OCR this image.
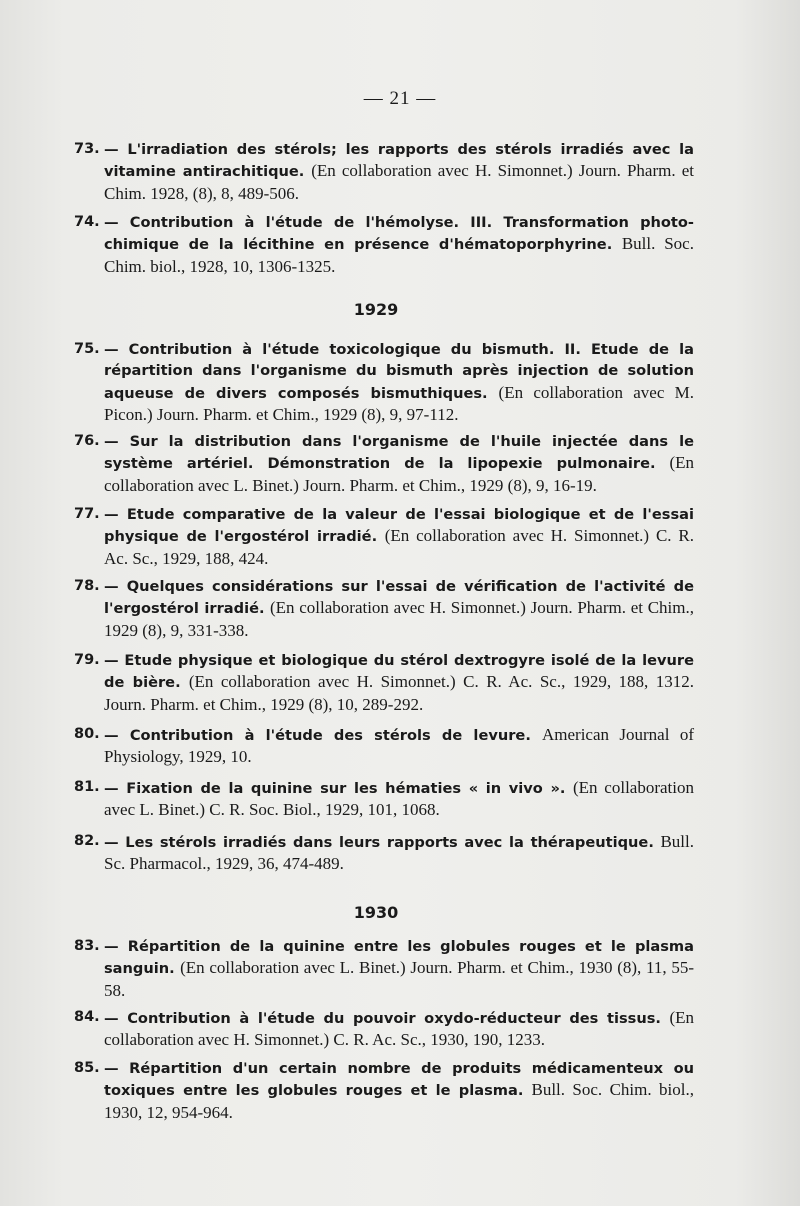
— 21 —
73. — L'irradiation des stérols; les rapports des stérols irradiés avec la vitamine antirachitique. (En collaboration avec H. Simonnet.) Journ. Pharm. et Chim. 1928, (8), 8, 489-506.
74. — Contribution à l'étude de l'hémolyse. III. Transformation photo-chimique de la lécithine en présence d'hématoporphyrine. Bull. Soc. Chim. biol., 1928, 10, 1306-1325.
1929
75. — Contribution à l'étude toxicologique du bismuth. II. Etude de la répartition dans l'organisme du bismuth après injection de solution aqueuse de divers composés bismuthiques. (En collaboration avec M. Picon.) Journ. Pharm. et Chim., 1929 (8), 9, 97-112.
76. — Sur la distribution dans l'organisme de l'huile injectée dans le système artériel. Démonstration de la lipopexie pulmonaire. (En collaboration avec L. Binet.) Journ. Pharm. et Chim., 1929 (8), 9, 16-19.
77. — Etude comparative de la valeur de l'essai biologique et de l'essai physique de l'ergostérol irradié. (En collaboration avec H. Simonnet.) C. R. Ac. Sc., 1929, 188, 424.
78. — Quelques considérations sur l'essai de vérification de l'activité de l'ergostérol irradié. (En collaboration avec H. Simonnet.) Journ. Pharm. et Chim., 1929 (8), 9, 331-338.
79. — Etude physique et biologique du stérol dextrogyre isolé de la levure de bière. (En collaboration avec H. Simonnet.) C. R. Ac. Sc., 1929, 188, 1312. Journ. Pharm. et Chim., 1929 (8), 10, 289-292.
80. — Contribution à l'étude des stérols de levure. American Journal of Physiology, 1929, 10.
81. — Fixation de la quinine sur les hématies « in vivo ». (En collaboration avec L. Binet.) C. R. Soc. Biol., 1929, 101, 1068.
82. — Les stérols irradiés dans leurs rapports avec la thérapeutique. Bull. Sc. Pharmacol., 1929, 36, 474-489.
1930
83. — Répartition de la quinine entre les globules rouges et le plasma sanguin. (En collaboration avec L. Binet.) Journ. Pharm. et Chim., 1930 (8), 11, 55-58.
84. — Contribution à l'étude du pouvoir oxydo-réducteur des tissus. (En collaboration avec H. Simonnet.) C. R. Ac. Sc., 1930, 190, 1233.
85. — Répartition d'un certain nombre de produits médicamenteux ou toxiques entre les globules rouges et le plasma. Bull. Soc. Chim. biol., 1930, 12, 954-964.
